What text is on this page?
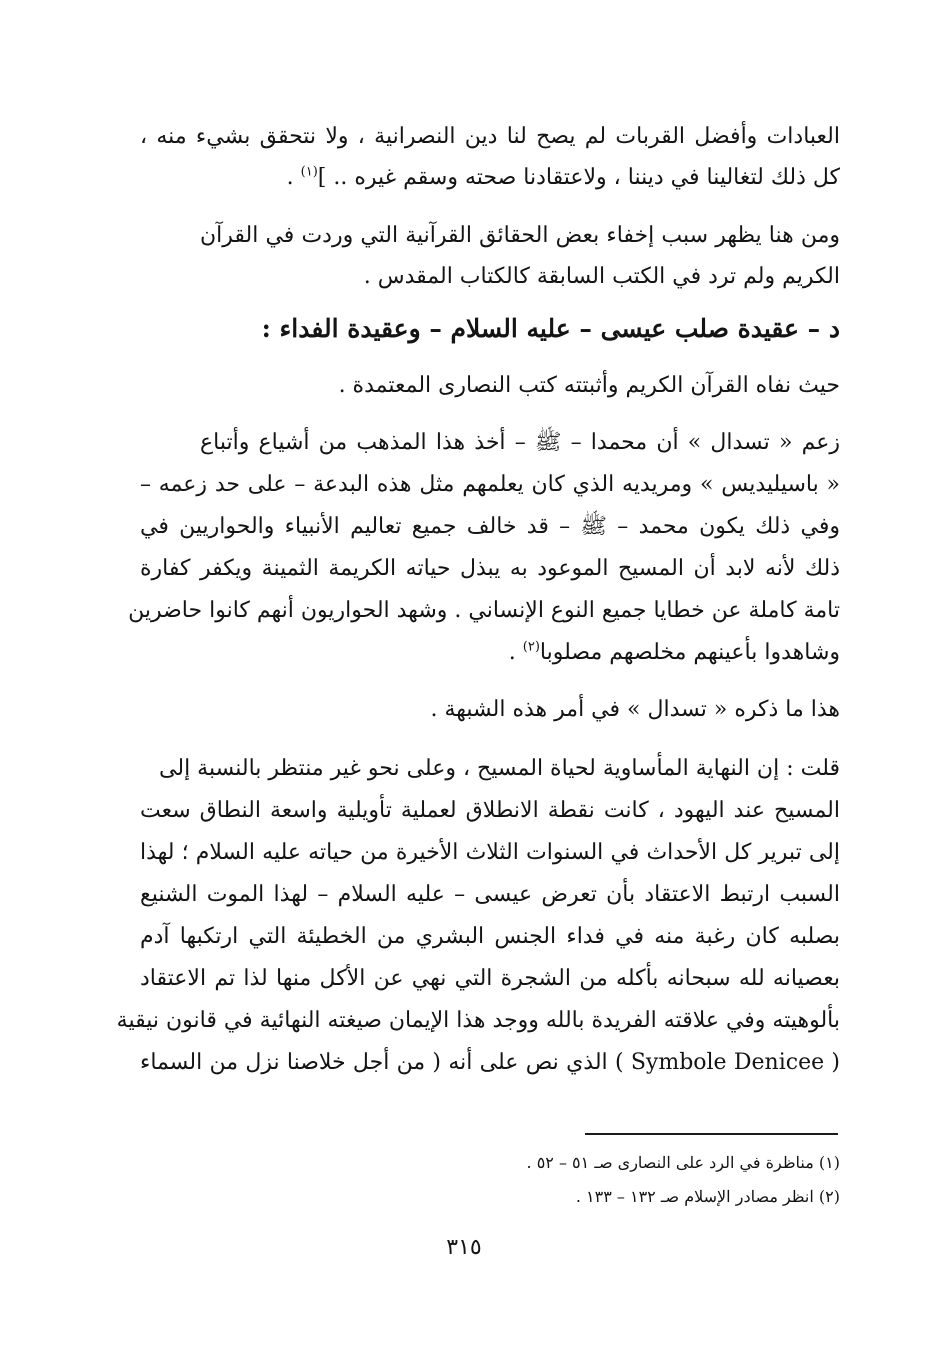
العبادات وأفضل القربات لم يصح لنا دين النصرانية ، ولا نتحقق بشيء منه ،
كل ذلك لتغالينا في ديننا ، ولاعتقادنا صحته وسقم غيره .. ]$^{(١)}$ .
ومن هنا يظهر سبب إخفاء بعض الحقائق القرآنية التي وردت في القرآن
الكريم ولم ترد في الكتب السابقة كالكتاب المقدس .
د – عقيدة صلب عيسى – عليه السلام – وعقيدة الفداء :
حيث نفاه القرآن الكريم وأثبتته كتب النصارى المعتمدة .
زعم « تسدال » أن محمدا – ﷺ – أخذ هذا المذهب من أشياع وأتباع
« باسيليديس » ومريديه الذي كان يعلمهم مثل هذه البدعة – على حد زعمه –
وفي ذلك يكون محمد – ﷺ – قد خالف جميع تعاليم الأنبياء والحواريين في
ذلك لأنه لابد أن المسيح الموعود به يبذل حياته الكريمة الثمينة ويكفر كفارة
تامة كاملة عن خطايا جميع النوع الإنساني . وشهد الحواريون أنهم كانوا حاضرين
وشاهدوا بأعينهم مخلصهم مصلوبا$^{(٢)}$ .
هذا ما ذكره « تسدال » في أمر هذه الشبهة .
قلت : إن النهاية المأساوية لحياة المسيح ، وعلى نحو غير منتظر بالنسبة إلى
المسيح عند اليهود ، كانت نقطة الانطلاق لعملية تأويلية واسعة النطاق سعت
إلى تبرير كل الأحداث في السنوات الثلاث الأخيرة من حياته عليه السلام ؛ لهذا
السبب ارتبط الاعتقاد بأن تعرض عيسى – عليه السلام – لهذا الموت الشنيع
بصلبه كان رغبة منه في فداء الجنس البشري من الخطيئة التي ارتكبها آدم
بعصيانه لله سبحانه بأكله من الشجرة التي نهي عن الأكل منها لذا تم الاعتقاد
بألوهيته وفي علاقته الفريدة بالله ووجد هذا الإيمان صيغته النهائية في قانون نيقية
( Symbole Denicee ) الذي نص على أنه ( من أجل خلاصنا نزل من السماء
(١) مناظرة في الرد على النصارى صـ ٥١ – ٥٢ .
(٢) انظر مصادر الإسلام صـ ١٣٢ – ١٣٣ .
٣١٥
